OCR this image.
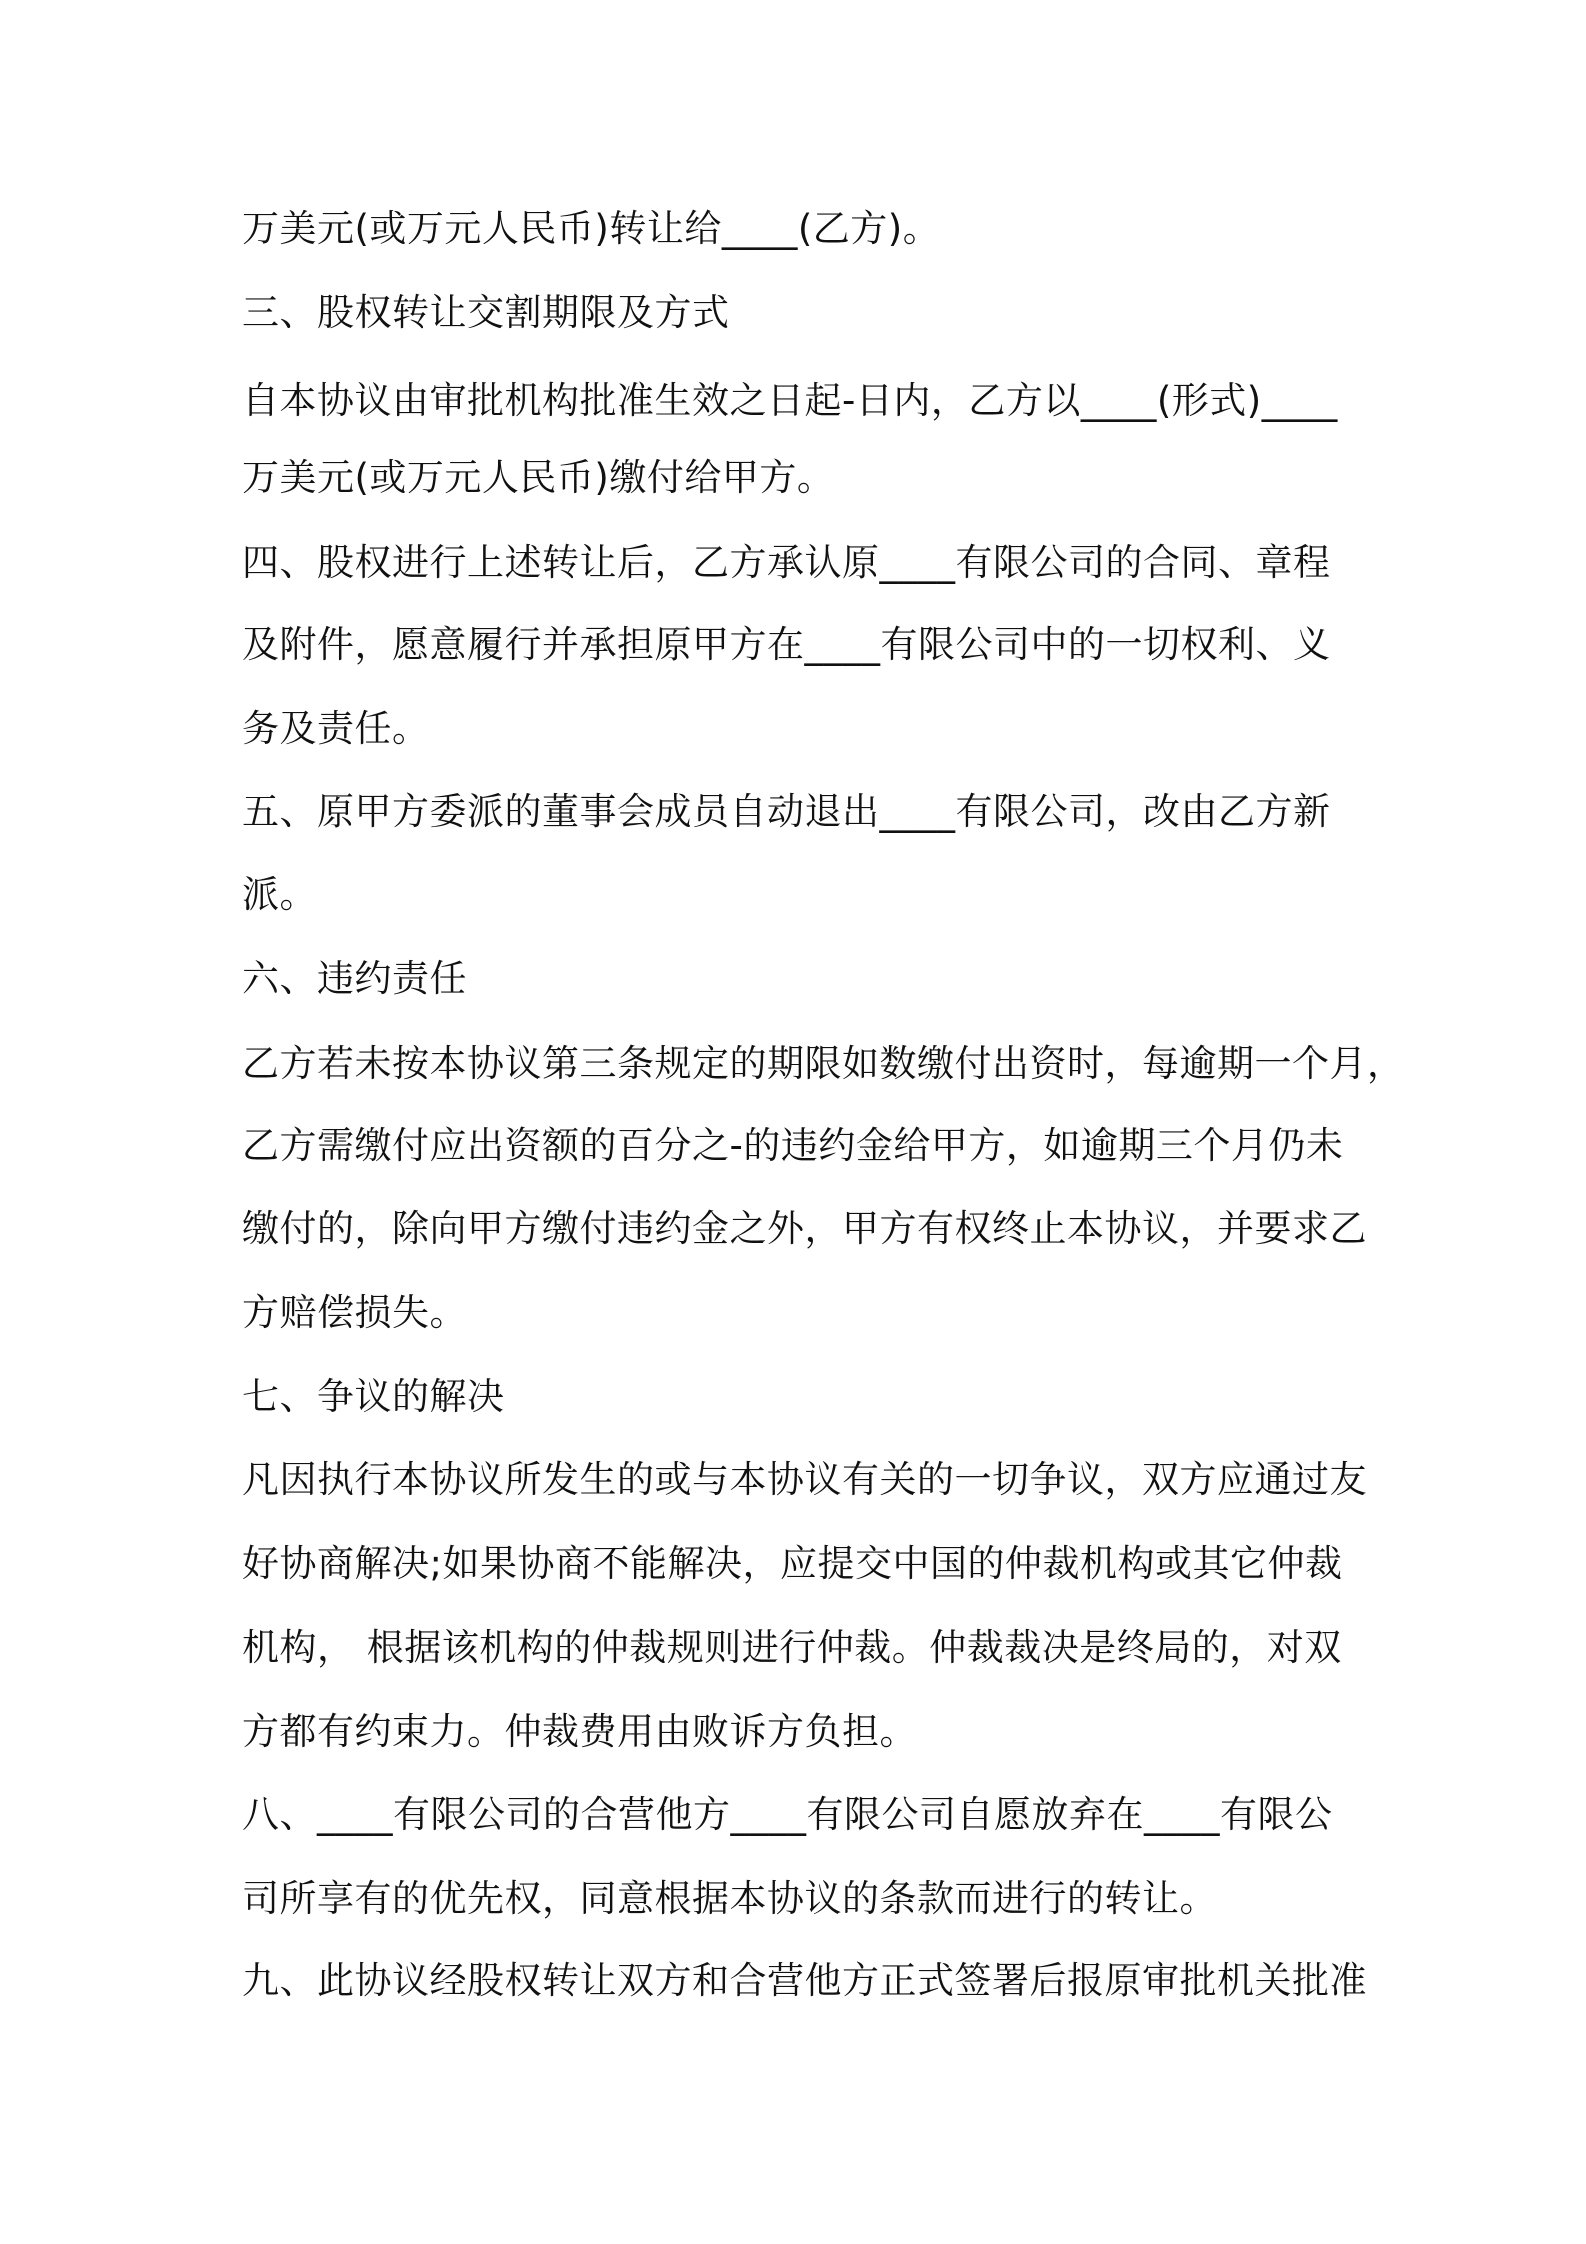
万美元(或万元人民币)转让给____(乙方)。
三、股权转让交割期限及方式
自本协议由审批机构批准生效之日起-日内，乙方以____(形式)____
万美元(或万元人民币)缴付给甲方。
四、股权进行上述转让后，乙方承认原____有限公司的合同、章程
及附件，愿意履行并承担原甲方在____有限公司中的一切权利、义
务及责任。
五、原甲方委派的董事会成员自动退出____有限公司，改由乙方新
派。
六、违约责任
乙方若未按本协议第三条规定的期限如数缴付出资时，每逾期一个月，
乙方需缴付应出资额的百分之-的违约金给甲方，如逾期三个月仍未
缴付的，除向甲方缴付违约金之外，甲方有权终止本协议，并要求乙
方赔偿损失。
七、争议的解决
凡因执行本协议所发生的或与本协议有关的一切争议，双方应通过友
好协商解决;如果协商不能解决，应提交中国的仲裁机构或其它仲裁
机构， 根据该机构的仲裁规则进行仲裁。仲裁裁决是终局的，对双
方都有约束力。仲裁费用由败诉方负担。
八、____有限公司的合营他方____有限公司自愿放弃在____有限公
司所享有的优先权，同意根据本协议的条款而进行的转让。
九、此协议经股权转让双方和合营他方正式签署后报原审批机关批准
